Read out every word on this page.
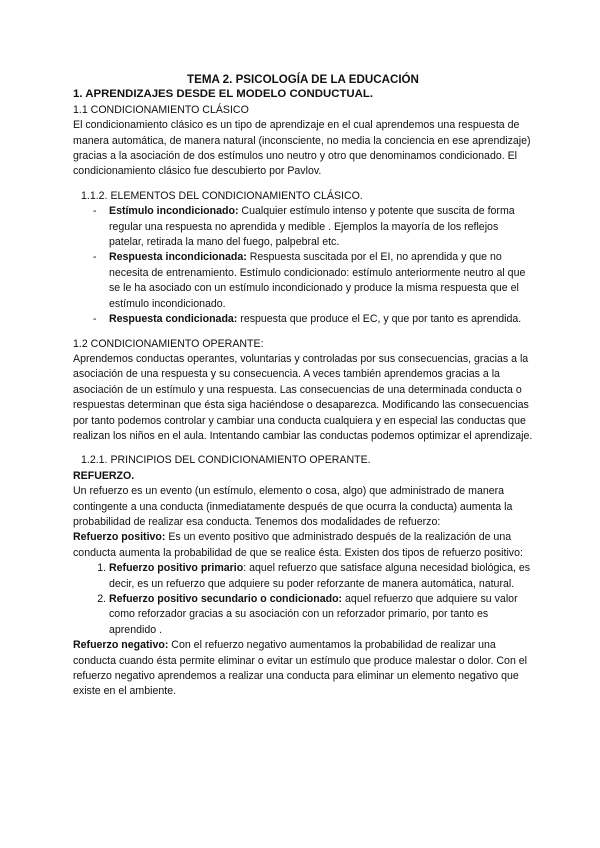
TEMA 2. PSICOLOGÍA DE LA EDUCACIÓN

1. APRENDIZAJES DESDE EL MODELO CONDUCTUAL.

1.1 CONDICIONAMIENTO CLÁSICO

El condicionamiento clásico es un tipo de aprendizaje en el cual aprendemos una respuesta de manera automática, de manera natural (inconsciente, no media la conciencia en ese aprendizaje) gracias a la asociación de dos estímulos uno neutro y otro que denominamos condicionado. El condicionamiento clásico fue descubierto por Pavlov.

1.1.2. ELEMENTOS DEL CONDICIONAMIENTO CLÁSICO.

- Estímulo incondicionado: Cualquier estímulo intenso y potente que suscita de forma regular una respuesta no aprendida y medible . Ejemplos la mayoría de los reflejos patelar, retirada la mano del fuego, palpebral etc.
- Respuesta incondicionada: Respuesta suscitada por el EI, no aprendida y que no necesita de entrenamiento. Estímulo condicionado: estímulo anteriormente neutro al que se le ha asociado con un estímulo incondicionado y produce la misma respuesta que el estímulo incondicionado.
- Respuesta condicionada: respuesta que produce el EC, y que por tanto es aprendida.

1.2 CONDICIONAMIENTO OPERANTE:

Aprendemos conductas operantes, voluntarias y controladas por sus consecuencias, gracias a la asociación de una respuesta y su consecuencia. A veces también aprendemos gracias a la asociación de un estímulo y una respuesta. Las consecuencias de una determinada conducta o respuestas determinan que ésta siga haciéndose o desaparezca. Modificando las consecuencias por tanto podemos controlar y cambiar una conducta cualquiera y en especial las conductas que realizan los niños en el aula. Intentando cambiar las conductas podemos optimizar el aprendizaje.

1.2.1. PRINCIPIOS DEL CONDICIONAMIENTO OPERANTE.

REFUERZO.

Un refuerzo es un evento (un estímulo, elemento o cosa, algo) que administrado de manera contingente a una conducta (inmediatamente después de que ocurra la conducta) aumenta la probabilidad de realizar esa conducta. Tenemos dos modalidades de refuerzo:

Refuerzo positivo: Es un evento positivo que administrado después de la realización de una conducta aumenta la probabilidad de que se realice ésta. Existen dos tipos de refuerzo positivo:

1. Refuerzo positivo primario: aquel refuerzo que satisface alguna necesidad biológica, es decir, es un refuerzo que adquiere su poder reforzante de manera automática, natural.
2. Refuerzo positivo secundario o condicionado: aquel refuerzo que adquiere su valor como reforzador gracias a su asociación con un reforzador primario, por tanto es aprendido .

Refuerzo negativo: Con el refuerzo negativo aumentamos la probabilidad de realizar una conducta cuando ésta permite eliminar o evitar un estímulo que produce malestar o dolor. Con el refuerzo negativo aprendemos a realizar una conducta para eliminar un elemento negativo que existe en el ambiente.
